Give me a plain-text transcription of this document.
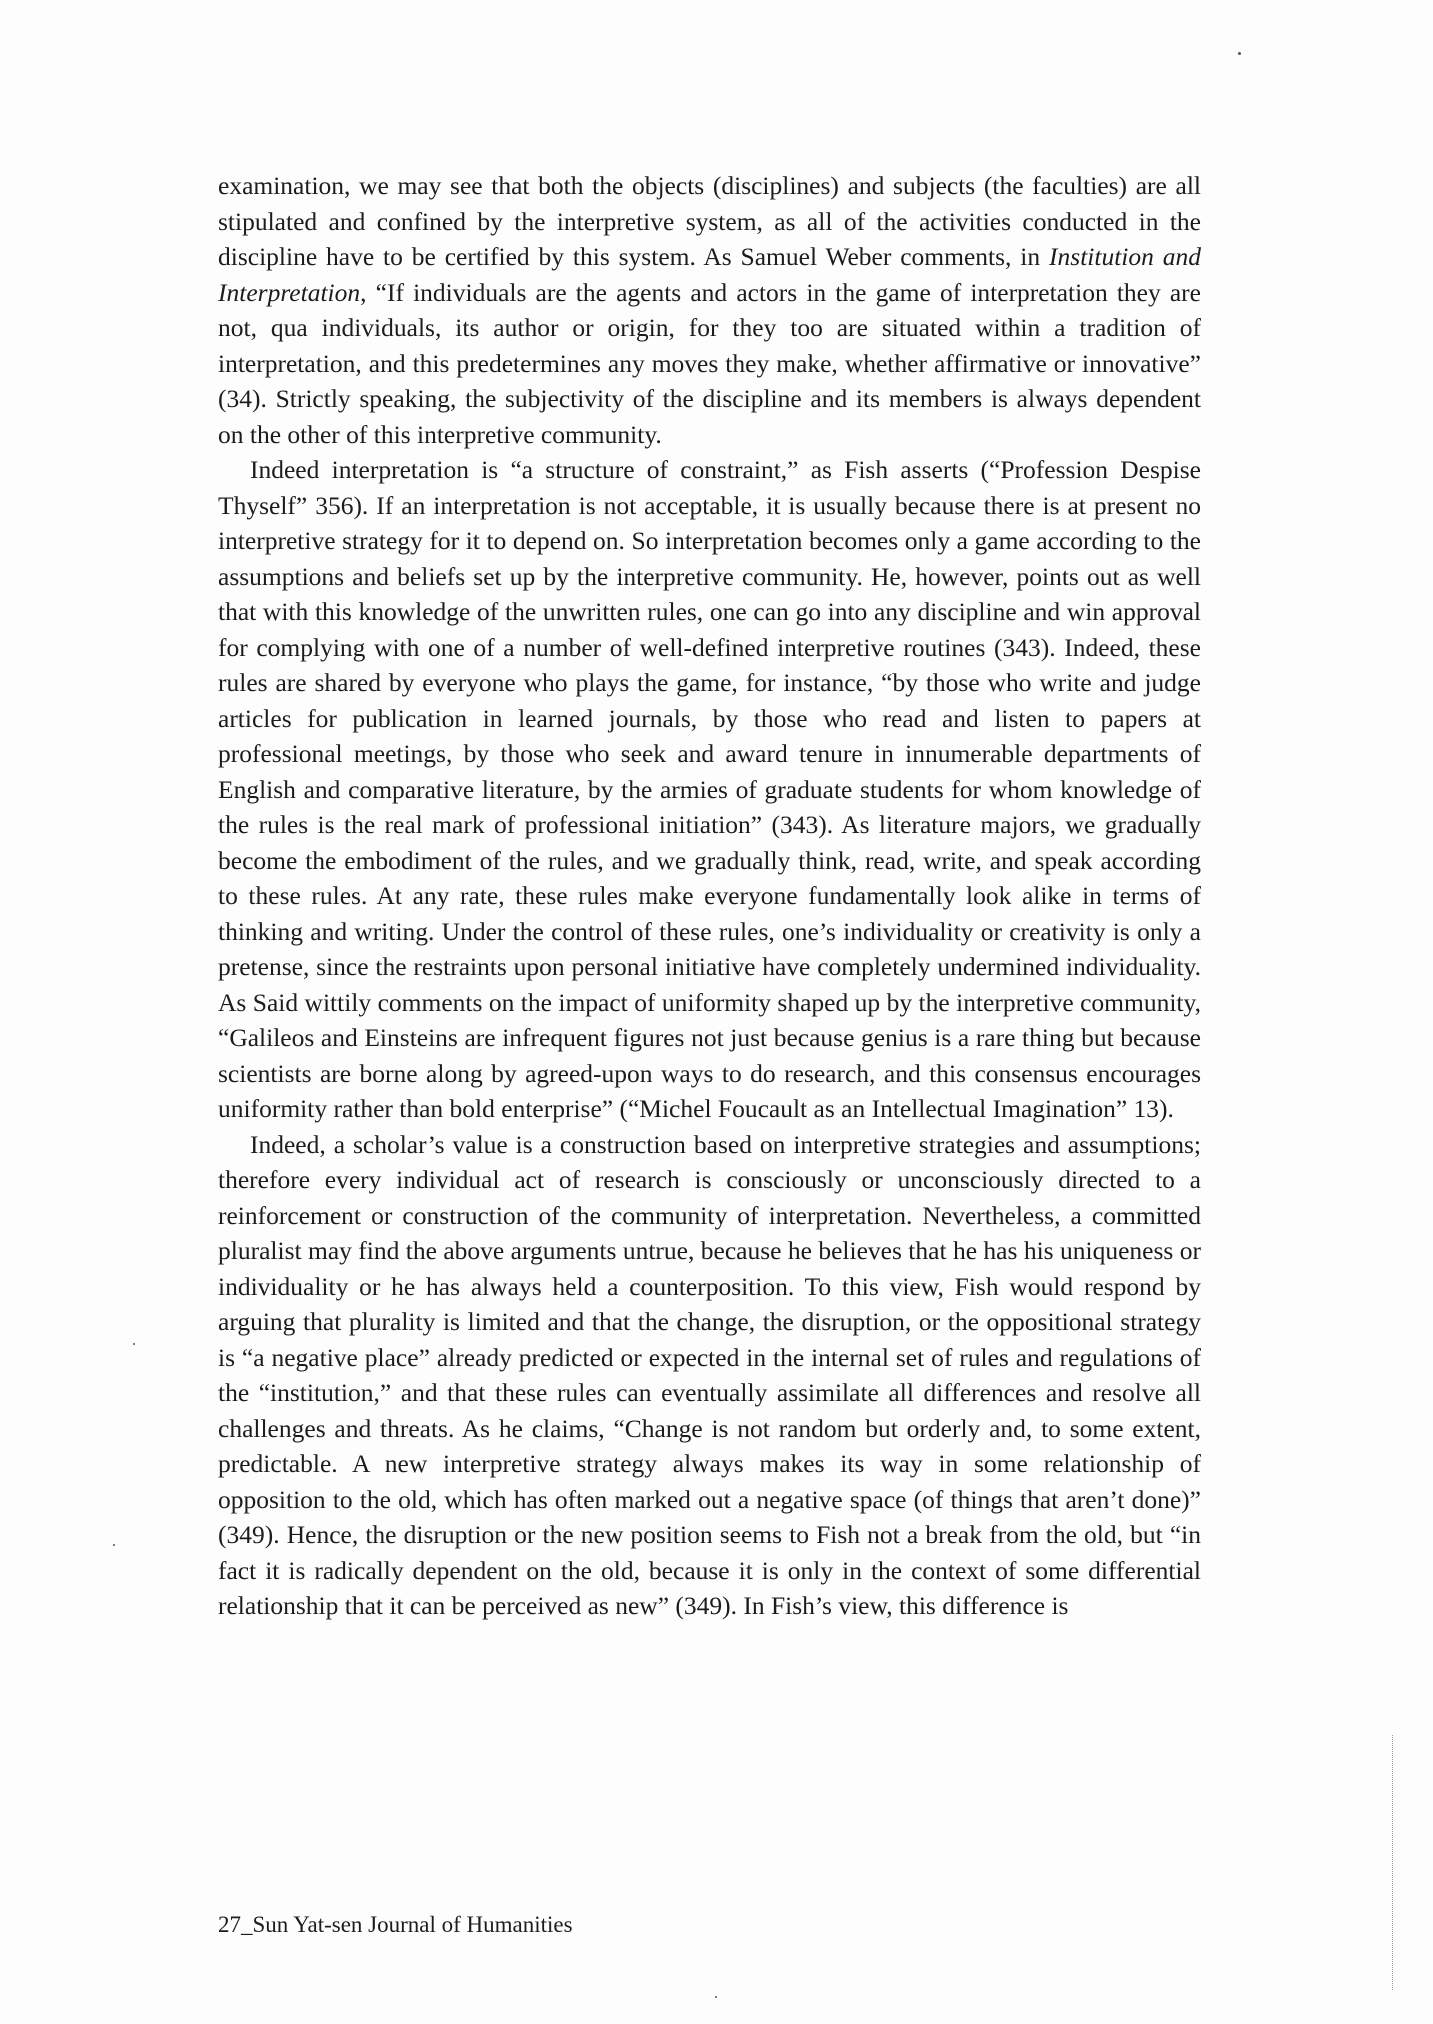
examination, we may see that both the objects (disciplines) and subjects (the faculties) are all stipulated and confined by the interpretive system, as all of the activities conducted in the discipline have to be certified by this system. As Samuel Weber comments, in Institution and Interpretation, “If individuals are the agents and actors in the game of interpretation they are not, qua individuals, its author or origin, for they too are situated within a tradition of interpretation, and this predetermines any moves they make, whether affirmative or innovative” (34). Strictly speaking, the subjectivity of the discipline and its members is always dependent on the other of this interpretive community.

Indeed interpretation is “a structure of constraint,” as Fish asserts (“Profession Despise Thyself” 356). If an interpretation is not acceptable, it is usually because there is at present no interpretive strategy for it to depend on. So interpretation becomes only a game according to the assumptions and beliefs set up by the interpretive community. He, however, points out as well that with this knowledge of the unwritten rules, one can go into any discipline and win approval for complying with one of a number of well-defined interpretive routines (343). Indeed, these rules are shared by everyone who plays the game, for instance, “by those who write and judge articles for publication in learned journals, by those who read and listen to papers at professional meetings, by those who seek and award tenure in innumerable departments of English and comparative literature, by the armies of graduate students for whom knowledge of the rules is the real mark of professional initiation” (343). As literature majors, we gradually become the embodiment of the rules, and we gradually think, read, write, and speak according to these rules. At any rate, these rules make everyone fundamentally look alike in terms of thinking and writing. Under the control of these rules, one’s individuality or creativity is only a pretense, since the restraints upon personal initiative have completely undermined individuality. As Said wittily comments on the impact of uniformity shaped up by the interpretive community, “Galileos and Einsteins are infrequent figures not just because genius is a rare thing but because scientists are borne along by agreed-upon ways to do research, and this consensus encourages uniformity rather than bold enterprise” (“Michel Foucault as an Intellectual Imagination” 13).

Indeed, a scholar’s value is a construction based on interpretive strategies and assumptions; therefore every individual act of research is consciously or unconsciously directed to a reinforcement or construction of the community of interpretation. Nevertheless, a committed pluralist may find the above arguments untrue, because he believes that he has his uniqueness or individuality or he has always held a counterposition. To this view, Fish would respond by arguing that plurality is limited and that the change, the disruption, or the oppositional strategy is “a negative place” already predicted or expected in the internal set of rules and regulations of the “institution,” and that these rules can eventually assimilate all differences and resolve all challenges and threats. As he claims, “Change is not random but orderly and, to some extent, predictable. A new interpretive strategy always makes its way in some relationship of opposition to the old, which has often marked out a negative space (of things that aren’t done)” (349). Hence, the disruption or the new position seems to Fish not a break from the old, but “in fact it is radically dependent on the old, because it is only in the context of some differential relationship that it can be perceived as new” (349). In Fish’s view, this difference is

27_Sun Yat-sen Journal of Humanities
